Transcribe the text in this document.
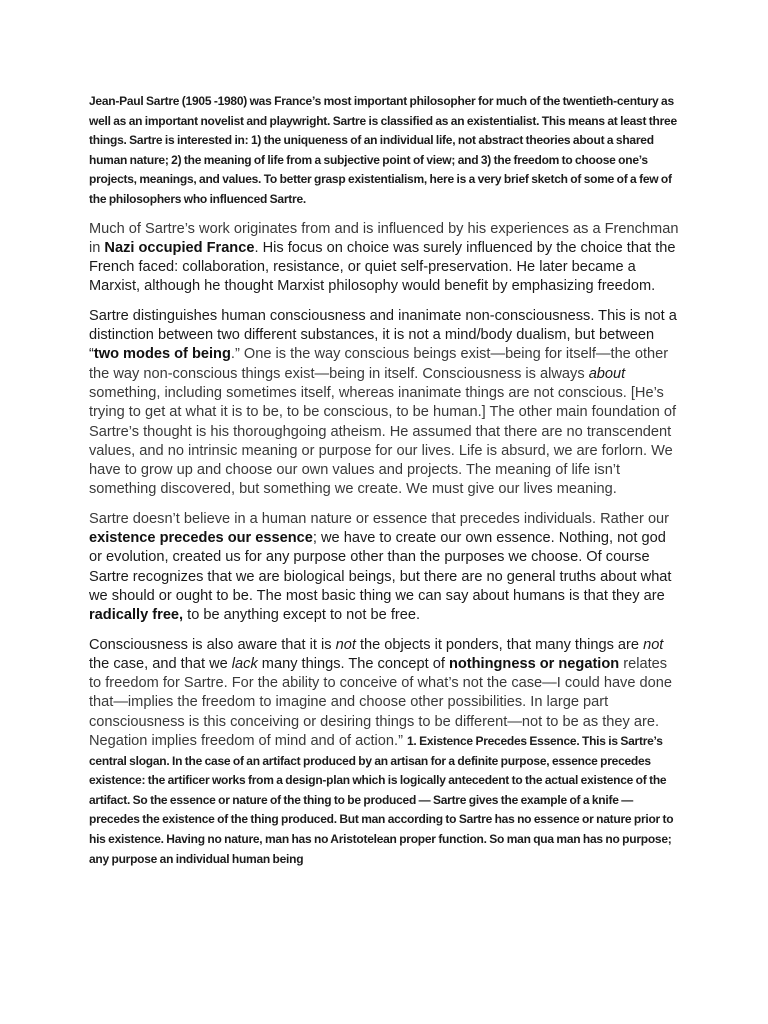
Jean-Paul Sartre (1905 -1980) was France’s most important philosopher for much of the twentieth-century as well as an important novelist and playwright. Sartre is classified as an existentialist. This means at least three things. Sartre is interested in: 1) the uniqueness of an individual life, not abstract theories about a shared human nature; 2) the meaning of life from a subjective point of view; and 3) the freedom to choose one’s projects, meanings, and values. To better grasp existentialism, here is a very brief sketch of some of a few of the philosophers who influenced Sartre.

Much of Sartre’s work originates from and is influenced by his experiences as a Frenchman in Nazi occupied France. His focus on choice was surely influenced by the choice that the French faced: collaboration, resistance, or quiet self-preservation. He later became a Marxist, although he thought Marxist philosophy would benefit by emphasizing freedom.

Sartre distinguishes human consciousness and inanimate non-consciousness. This is not a distinction between two different substances, it is not a mind/body dualism, but between “two modes of being.” One is the way conscious beings exist—being for itself—the other the way non-conscious things exist—being in itself. Consciousness is always about something, including sometimes itself, whereas inanimate things are not conscious. [He’s trying to get at what it is to be, to be conscious, to be human.] The other main foundation of Sartre’s thought is his thoroughgoing atheism. He assumed that there are no transcendent values, and no intrinsic meaning or purpose for our lives. Life is absurd, we are forlorn. We have to grow up and choose our own values and projects. The meaning of life isn’t something discovered, but something we create. We must give our lives meaning.

Sartre doesn’t believe in a human nature or essence that precedes individuals. Rather our existence precedes our essence; we have to create our own essence. Nothing, not god or evolution, created us for any purpose other than the purposes we choose. Of course Sartre recognizes that we are biological beings, but there are no general truths about what we should or ought to be. The most basic thing we can say about humans is that they are radically free, to be anything except to not be free.

Consciousness is also aware that it is not the objects it ponders, that many things are not the case, and that we lack many things. The concept of nothingness or negation relates to freedom for Sartre. For the ability to conceive of what’s not the case—I could have done that—implies the freedom to imagine and choose other possibilities. In large part consciousness is this conceiving or desiring things to be different—not to be as they are. Negation implies freedom of mind and of action.” 1. Existence Precedes Essence. This is Sartre’s central slogan. In the case of an artifact produced by an artisan for a definite purpose, essence precedes existence: the artificer works from a design-plan which is logically antecedent to the actual existence of the artifact. So the essence or nature of the thing to be produced — Sartre gives the example of a knife — precedes the existence of the thing produced. But man according to Sartre has no essence or nature prior to his existence. Having no nature, man has no Aristotelean proper function. So man qua man has no purpose; any purpose an individual human being
